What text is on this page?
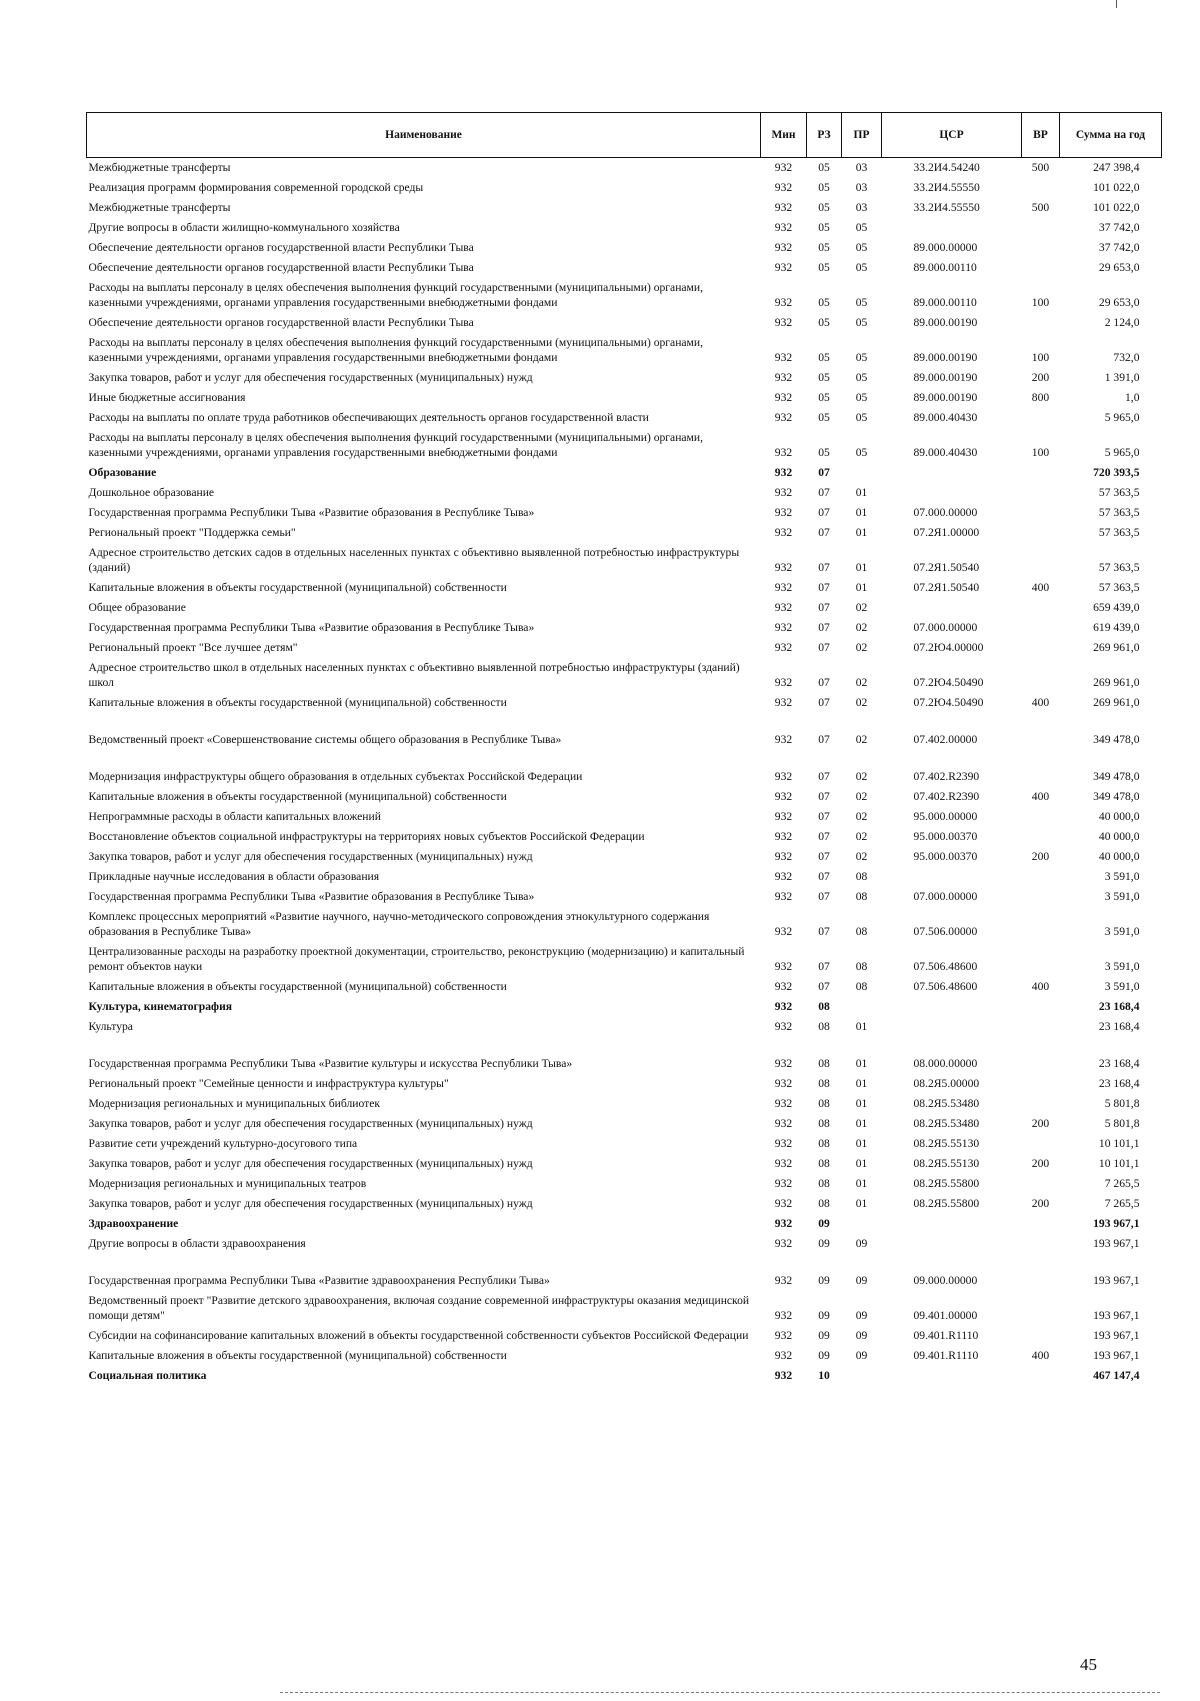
Наименование	Мин	РЗ	ПР	ЦСР	ВР	Сумма на год
Межбюджетные трансферты	932	05	03	33.2И4.54240	500	247 398,4
Реализация программ формирования современной городской среды	932	05	03	33.2И4.55550		101 022,0
Межбюджетные трансферты	932	05	03	33.2И4.55550	500	101 022,0
Другие вопросы в области жилищно-коммунального хозяйства	932	05	05			37 742,0
Обеспечение деятельности органов государственной власти Республики Тыва	932	05	05	89.000.00000		37 742,0
Обеспечение деятельности органов государственной власти Республики Тыва	932	05	05	89.000.00110		29 653,0
Расходы на выплаты персоналу в целях обеспечения выполнения функций государственными (муниципальными) органами, казенными учреждениями, органами управления государственными внебюджетными фондами	932	05	05	89.000.00110	100	29 653,0
Обеспечение деятельности органов государственной власти Республики Тыва	932	05	05	89.000.00190		2 124,0
Расходы на выплаты персоналу в целях обеспечения выполнения функций государственными (муниципальными) органами, казенными учреждениями, органами управления государственными внебюджетными фондами	932	05	05	89.000.00190	100	732,0
Закупка товаров, работ и услуг для обеспечения государственных (муниципальных) нужд	932	05	05	89.000.00190	200	1 391,0
Иные бюджетные ассигнования	932	05	05	89.000.00190	800	1,0
Расходы на выплаты по оплате труда работников обеспечивающих деятельность органов государственной власти	932	05	05	89.000.40430		5 965,0
Расходы на выплаты персоналу в целях обеспечения выполнения функций государственными (муниципальными) органами, казенными учреждениями, органами управления государственными внебюджетными фондами	932	05	05	89.000.40430	100	5 965,0
Образование	932	07				720 393,5
Дошкольное образование	932	07	01			57 363,5
Государственная программа Республики Тыва «Развитие образования в Республике Тыва»	932	07	01	07.000.00000		57 363,5
Региональный проект "Поддержка семьи"	932	07	01	07.2Я1.00000		57 363,5
Адресное строительство детских садов в отдельных населенных пунктах с объективно выявленной потребностью инфраструктуры (зданий)	932	07	01	07.2Я1.50540		57 363,5
Капитальные вложения в объекты государственной (муниципальной) собственности	932	07	01	07.2Я1.50540	400	57 363,5
Общее образование	932	07	02			659 439,0
Государственная программа Республики Тыва «Развитие образования в Республике Тыва»	932	07	02	07.000.00000		619 439,0
Региональный проект "Все лучшее детям"	932	07	02	07.2Ю4.00000		269 961,0
Адресное строительство школ в отдельных населенных пунктах с объективно выявленной потребностью инфраструктуры (зданий) школ	932	07	02	07.2Ю4.50490		269 961,0
Капитальные вложения в объекты государственной (муниципальной) собственности	932	07	02	07.2Ю4.50490	400	269 961,0
Ведомственный проект «Совершенствование системы общего образования в Республике Тыва»	932	07	02	07.402.00000		349 478,0
Модернизация инфраструктуры общего образования в отдельных субъектах Российской Федерации	932	07	02	07.402.R2390		349 478,0
Капитальные вложения в объекты государственной (муниципальной) собственности	932	07	02	07.402.R2390	400	349 478,0
Непрограммные расходы в области капитальных вложений	932	07	02	95.000.00000		40 000,0
Восстановление объектов социальной инфраструктуры на территориях новых субъектов Российской Федерации	932	07	02	95.000.00370		40 000,0
Закупка товаров, работ и услуг для обеспечения государственных (муниципальных) нужд	932	07	02	95.000.00370	200	40 000,0
Прикладные научные исследования в области образования	932	07	08			3 591,0
Государственная программа Республики Тыва «Развитие образования в Республике Тыва»	932	07	08	07.000.00000		3 591,0
Комплекс процессных мероприятий «Развитие научного, научно-методического сопровождения этнокультурного содержания образования в Республике Тыва»	932	07	08	07.506.00000		3 591,0
Централизованные расходы на разработку проектной документации, строительство, реконструкцию (модернизацию) и капитальный ремонт объектов науки	932	07	08	07.506.48600		3 591,0
Капитальные вложения в объекты государственной (муниципальной) собственности	932	07	08	07.506.48600	400	3 591,0
Культура, кинематография	932	08				23 168,4
Культура	932	08	01			23 168,4
Государственная программа Республики Тыва «Развитие культуры и искусства Республики Тыва»	932	08	01	08.000.00000		23 168,4
Региональный проект "Семейные ценности и инфраструктура культуры"	932	08	01	08.2Я5.00000		23 168,4
Модернизация региональных и муниципальных библиотек	932	08	01	08.2Я5.53480		5 801,8
Закупка товаров, работ и услуг для обеспечения государственных (муниципальных) нужд	932	08	01	08.2Я5.53480	200	5 801,8
Развитие сети учреждений культурно-досугового типа	932	08	01	08.2Я5.55130		10 101,1
Закупка товаров, работ и услуг для обеспечения государственных (муниципальных) нужд	932	08	01	08.2Я5.55130	200	10 101,1
Модернизация региональных и муниципальных театров	932	08	01	08.2Я5.55800		7 265,5
Закупка товаров, работ и услуг для обеспечения государственных (муниципальных) нужд	932	08	01	08.2Я5.55800	200	7 265,5
Здравоохранение	932	09				193 967,1
Другие вопросы в области здравоохранения	932	09	09			193 967,1
Государственная программа Республики Тыва «Развитие здравоохранения Республики Тыва»	932	09	09	09.000.00000		193 967,1
Ведомственный проект "Развитие детского здравоохранения, включая создание современной инфраструктуры оказания медицинской помощи детям"	932	09	09	09.401.00000		193 967,1
Субсидии на софинансирование капитальных вложений в объекты государственной собственности субъектов Российской Федерации	932	09	09	09.401.R1110		193 967,1
Капитальные вложения в объекты государственной (муниципальной) собственности	932	09	09	09.401.R1110	400	193 967,1
Социальная политика	932	10				467 147,4
45
